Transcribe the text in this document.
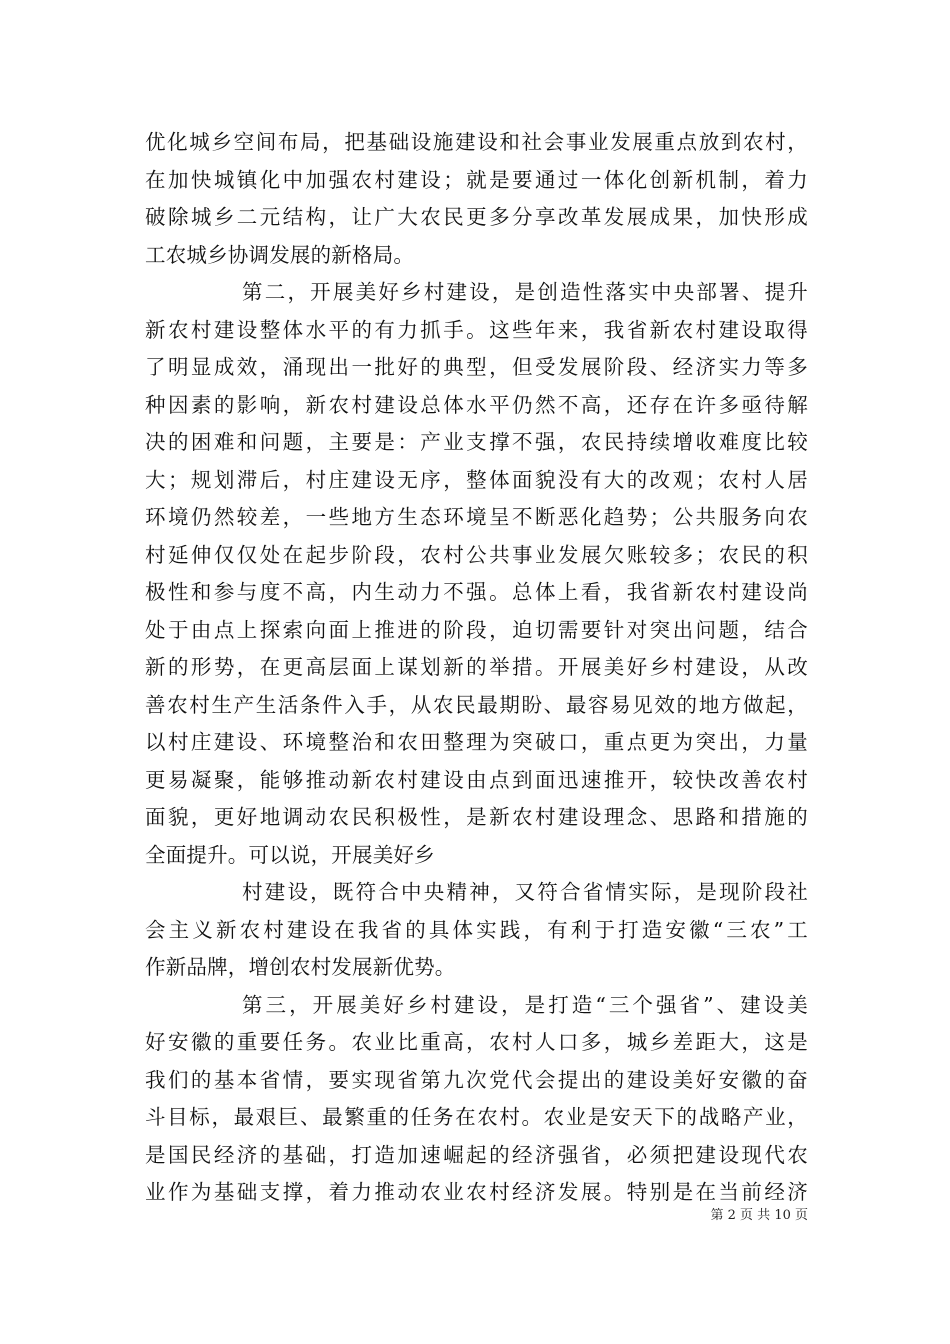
优化城乡空间布局，把基础设施建设和社会事业发展重点放到农村，
在加快城镇化中加强农村建设；就是要通过一体化创新机制，着力
破除城乡二元结构，让广大农民更多分享改革发展成果，加快形成
工农城乡协调发展的新格局。
第二，开展美好乡村建设，是创造性落实中央部署、提升
新农村建设整体水平的有力抓手。这些年来，我省新农村建设取得
了明显成效，涌现出一批好的典型，但受发展阶段、经济实力等多
种因素的影响，新农村建设总体水平仍然不高，还存在许多亟待解
决的困难和问题，主要是：产业支撑不强，农民持续增收难度比较
大；规划滞后，村庄建设无序，整体面貌没有大的改观；农村人居
环境仍然较差，一些地方生态环境呈不断恶化趋势；公共服务向农
村延伸仅仅处在起步阶段，农村公共事业发展欠账较多；农民的积
极性和参与度不高，内生动力不强。总体上看，我省新农村建设尚
处于由点上探索向面上推进的阶段，迫切需要针对突出问题，结合
新的形势，在更高层面上谋划新的举措。开展美好乡村建设，从改
善农村生产生活条件入手，从农民最期盼、最容易见效的地方做起，
以村庄建设、环境整治和农田整理为突破口，重点更为突出，力量
更易凝聚，能够推动新农村建设由点到面迅速推开，较快改善农村
面貌，更好地调动农民积极性，是新农村建设理念、思路和措施的
全面提升。可以说，开展美好乡
村建设，既符合中央精神，又符合省情实际，是现阶段社
会主义新农村建设在我省的具体实践，有利于打造安徽“三农”工
作新品牌，增创农村发展新优势。
第三，开展美好乡村建设，是打造“三个强省”、建设美
好安徽的重要任务。农业比重高，农村人口多，城乡差距大，这是
我们的基本省情，要实现省第九次党代会提出的建设美好安徽的奋
斗目标，最艰巨、最繁重的任务在农村。农业是安天下的战略产业，
是国民经济的基础，打造加速崛起的经济强省，必须把建设现代农
业作为基础支撑，着力推动农业农村经济发展。特别是在当前经济
第 2 页 共 10 页
